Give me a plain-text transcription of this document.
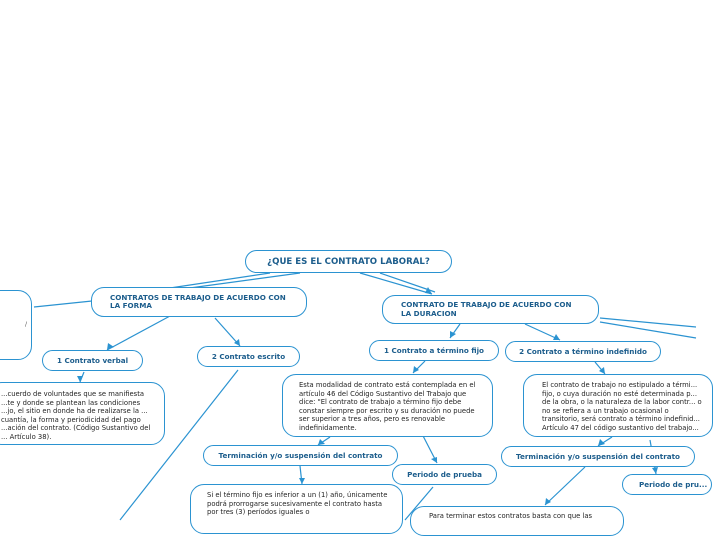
/
¿QUE ES EL CONTRATO LABORAL?
CONTRATOS DE TRABAJO DE ACUERDO CON LA FORMA	CONTRATO DE TRABAJO DE ACUERDO CON LA DURACION
1 Contrato verbal	2 Contrato escrito
1 Contrato a término fijo	2 Contrato a término indefinido
...cuerdo de voluntades que se manifiesta ...te y donde se plantean las condiciones ...jo, el sitio en donde ha de realizarse la ... cuantía, la forma y periodicidad del pago ...ación del contrato. (Código Sustantivo del ... Artículo 38).
Esta modalidad de contrato está contemplada en el artículo 46 del Código Sustantivo del Trabajo que dice: "El contrato de trabajo a término fijo debe constar siempre por escrito y su duración no puede ser superior a tres años, pero es renovable indefinidamente.
El contrato de trabajo no estipulado a térmi... fijo, o cuya duración no esté determinada p... de la obra, o la naturaleza de la labor contr... o no se refiera a un trabajo ocasional o transitorio, será contrato a término indefinid... Artículo 47 del código sustantivo del trabajo...
Terminación y/o suspensión del contrato
Periodo de prueba
Terminación y/o suspensión del contrato
Periodo de pru...
Si el término fijo es inferior a un (1) año, únicamente podrá prorrogarse sucesivamente el contrato hasta por tres (3) períodos iguales o	Para terminar estos contratos basta con que las
